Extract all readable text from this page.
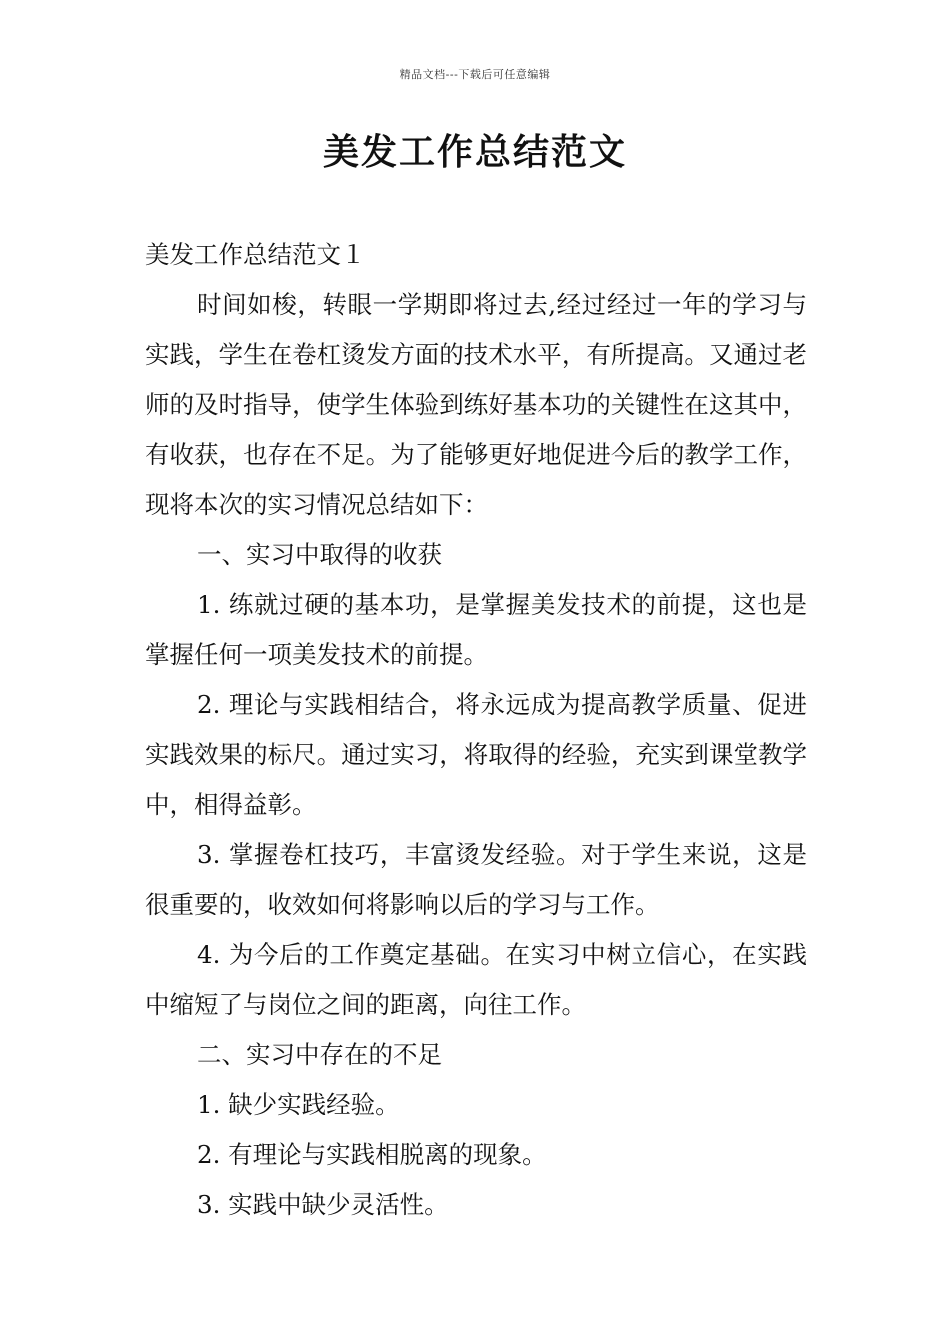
精品文档---下载后可任意编辑
美发工作总结范文

美发工作总结范文１

时间如梭，转眼一学期即将过去,经过经过一年的学习与实践，学生在卷杠烫发方面的技术水平，有所提高。又通过老师的及时指导，使学生体验到练好基本功的关键性在这其中，有收获，也存在不足。为了能够更好地促进今后的教学工作，现将本次的实习情况总结如下：

一、实习中取得的收获

1. 练就过硬的基本功，是掌握美发技术的前提，这也是掌握任何一项美发技术的前提。

2. 理论与实践相结合，将永远成为提高教学质量、促进实践效果的标尺。通过实习，将取得的经验，充实到课堂教学中，相得益彰。

3. 掌握卷杠技巧，丰富烫发经验。对于学生来说，这是很重要的，收效如何将影响以后的学习与工作。

4. 为今后的工作奠定基础。在实习中树立信心，在实践中缩短了与岗位之间的距离，向往工作。

二、实习中存在的不足

1. 缺少实践经验。

2. 有理论与实践相脱离的现象。

3. 实践中缺少灵活性。
